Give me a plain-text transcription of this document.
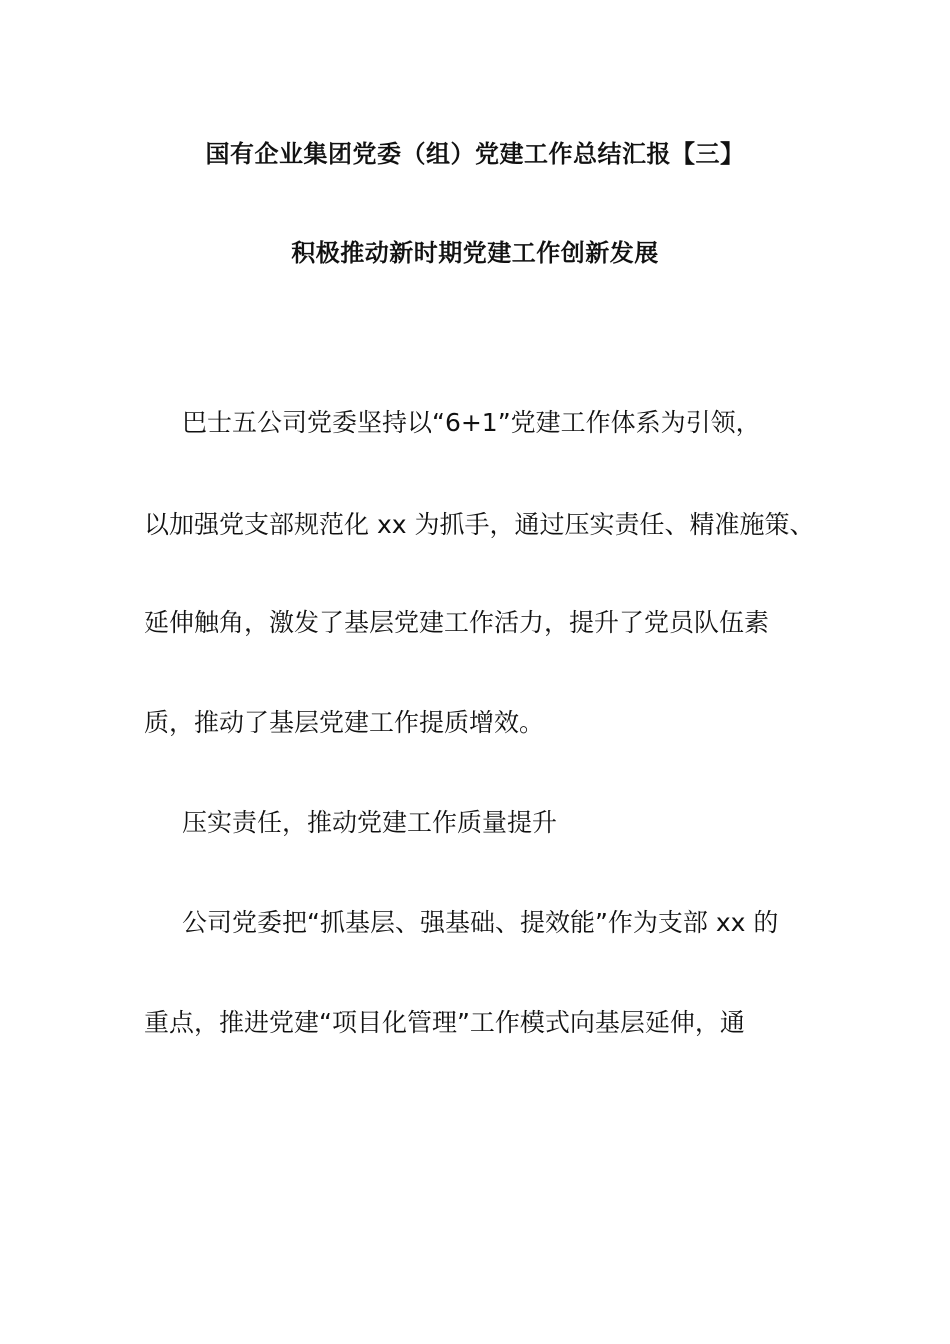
国有企业集团党委（组）党建工作总结汇报【三】
积极推动新时期党建工作创新发展
巴士五公司党委坚持以“6+1”党建工作体系为引领，
以加强党支部规范化 xx 为抓手，通过压实责任、精准施策、
延伸触角，激发了基层党建工作活力，提升了党员队伍素
质，推动了基层党建工作提质增效。
压实责任，推动党建工作质量提升
公司党委把“抓基层、强基础、提效能”作为支部 xx 的
重点，推进党建“项目化管理”工作模式向基层延伸，通
